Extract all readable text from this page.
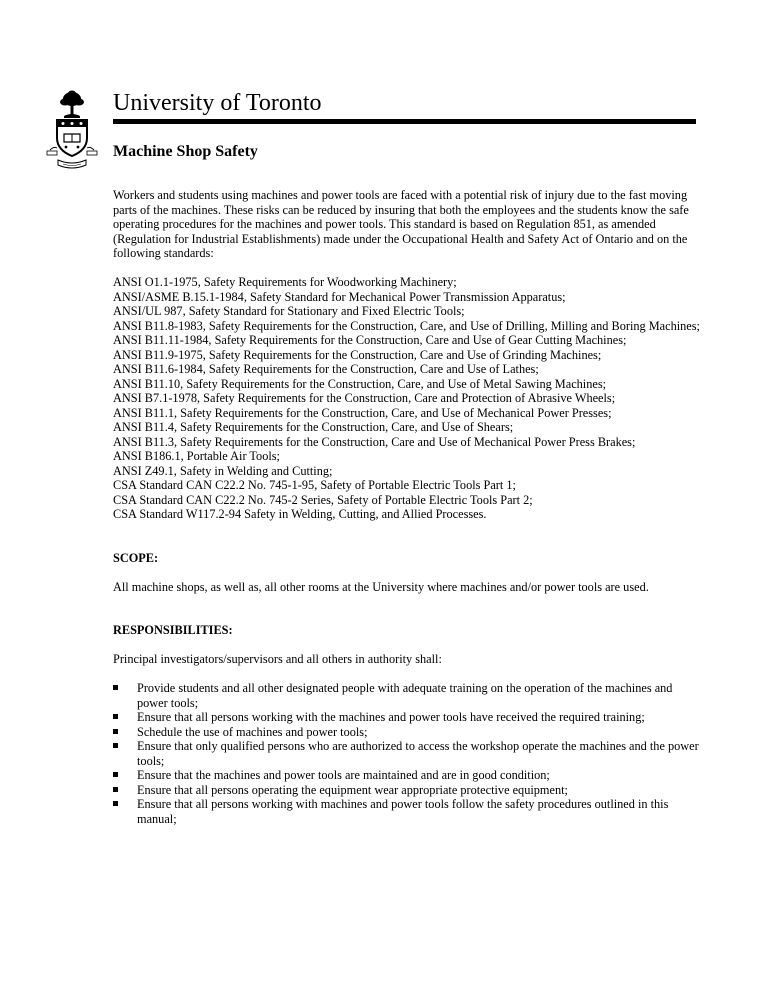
University of Toronto
Machine Shop Safety

Workers and students using machines and power tools are faced with a potential risk of injury due to the fast moving parts of the machines. These risks can be reduced by insuring that both the employees and the students know the safe operating procedures for the machines and power tools. This standard is based on Regulation 851, as amended (Regulation for Industrial Establishments) made under the Occupational Health and Safety Act of Ontario and on the following standards:

ANSI O1.1-1975, Safety Requirements for Woodworking Machinery;
ANSI/ASME B.15.1-1984, Safety Standard for Mechanical Power Transmission Apparatus;
ANSI/UL 987, Safety Standard for Stationary and Fixed Electric Tools;
ANSI B11.8-1983, Safety Requirements for the Construction, Care, and Use of Drilling, Milling and Boring Machines;
ANSI B11.11-1984, Safety Requirements for the Construction, Care and Use of Gear Cutting Machines;
ANSI B11.9-1975, Safety Requirements for the Construction, Care and Use of Grinding Machines;
ANSI B11.6-1984, Safety Requirements for the Construction, Care and Use of Lathes;
ANSI B11.10, Safety Requirements for the Construction, Care, and Use of Metal Sawing Machines;
ANSI B7.1-1978, Safety Requirements for the Construction, Care and Protection of Abrasive Wheels;
ANSI B11.1, Safety Requirements for the Construction, Care, and Use of Mechanical Power Presses;
ANSI B11.4, Safety Requirements for the Construction, Care, and Use of Shears;
ANSI B11.3, Safety Requirements for the Construction, Care and Use of Mechanical Power Press Brakes;
ANSI B186.1, Portable Air Tools;
ANSI Z49.1, Safety in Welding and Cutting;
CSA Standard CAN C22.2 No. 745-1-95, Safety of Portable Electric Tools Part 1;
CSA Standard CAN C22.2 No. 745-2 Series, Safety of Portable Electric Tools Part 2;
CSA Standard W117.2-94 Safety in Welding, Cutting, and Allied Processes.

SCOPE:

All machine shops, as well as, all other rooms at the University where machines and/or power tools are used.

RESPONSIBILITIES:

Principal investigators/supervisors and all others in authority shall:

Provide students and all other designated people with adequate training on the operation of the machines and power tools;
Ensure that all persons working with the machines and power tools have received the required training;
Schedule the use of machines and power tools;
Ensure that only qualified persons who are authorized to access the workshop operate the machines and the power tools;
Ensure that the machines and power tools are maintained and are in good condition;
Ensure that all persons operating the equipment wear appropriate protective equipment;
Ensure that all persons working with machines and power tools follow the safety procedures outlined in this manual;
